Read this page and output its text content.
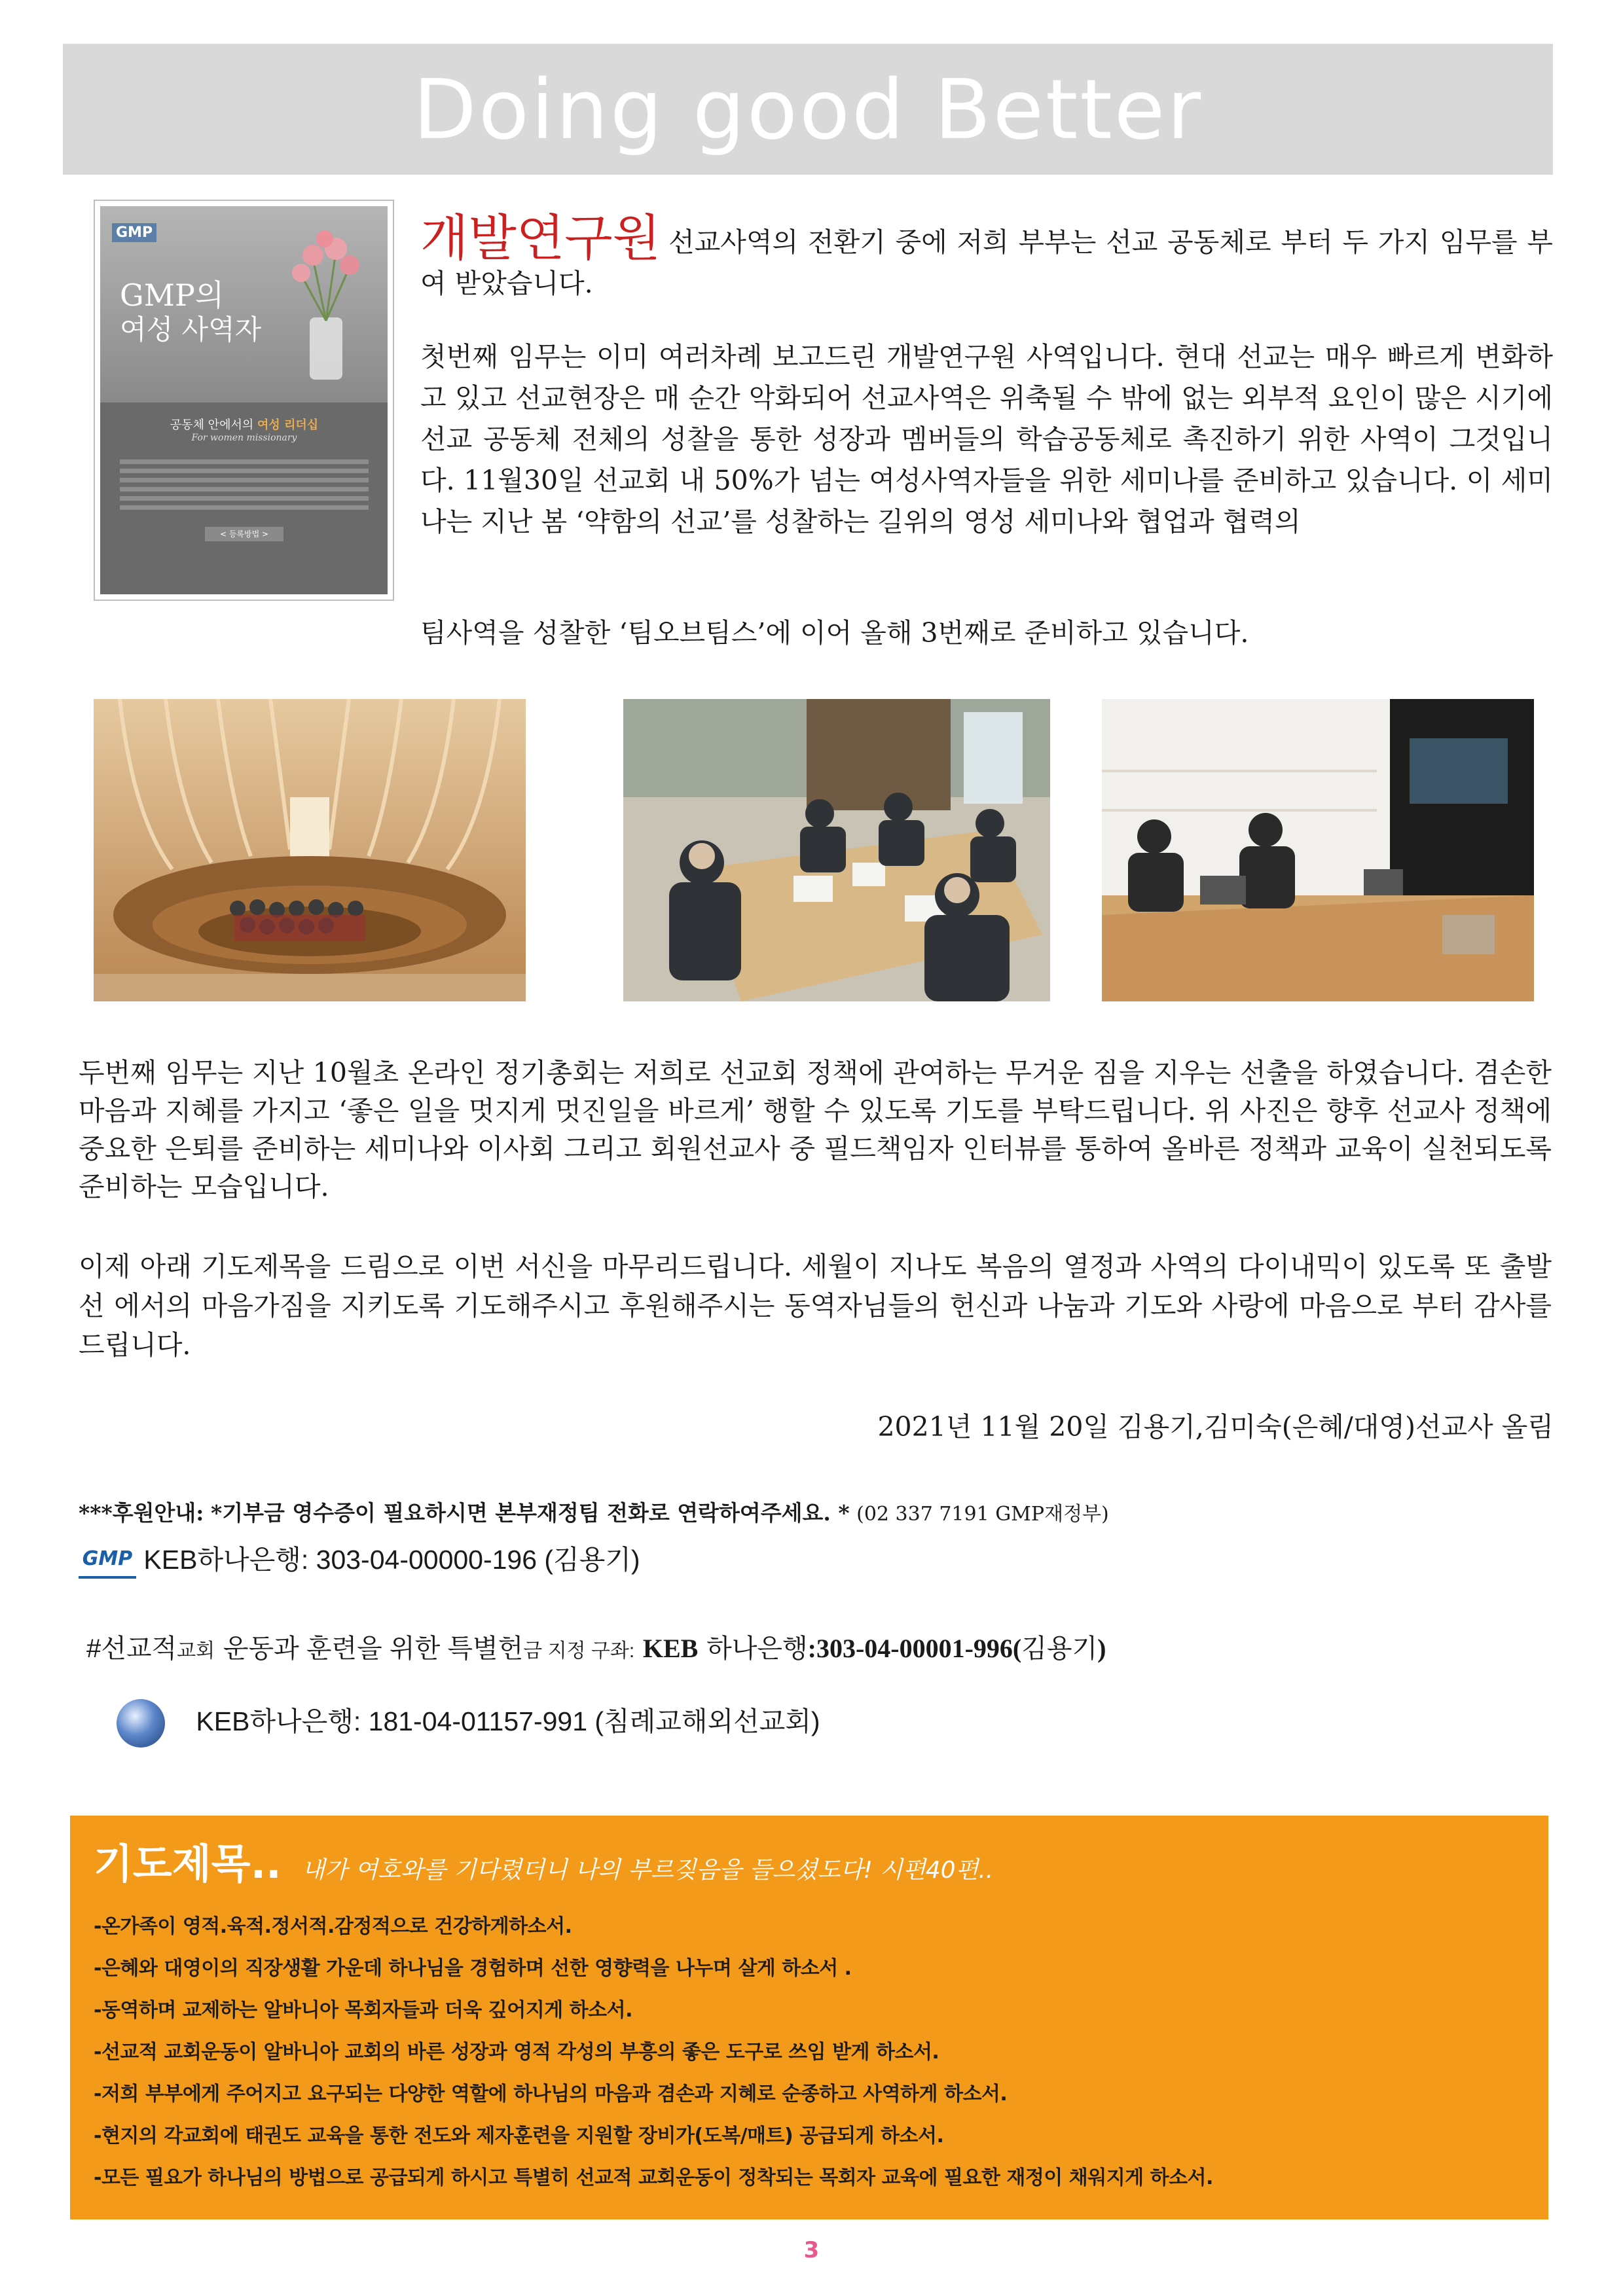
Doing good Better
GMP
GMP의
여성 사역자
공동체 안에서의 여성 리더십
For women missionary
< 등록방법 >
개발연구원 선교사역의 전환기 중에 저희 부부는 선교 공동체로 부터 두 가지 임무를 부여 받았습니다.
첫번째 임무는 이미 여러차례 보고드린 개발연구원 사역입니다. 현대 선교는 매우 빠르게 변화하고 있고 선교현장은 매 순간 악화되어 선교사역은 위축될 수 밖에 없는 외부적 요인이 많은 시기에 선교 공동체 전체의 성찰을 통한 성장과 멤버들의 학습공동체로 촉진하기 위한 사역이 그것입니다. 11월30일 선교회 내 50%가 넘는 여성사역자들을 위한 세미나를 준비하고 있습니다. 이 세미나는 지난 봄 ‘약함의 선교’를 성찰하는 길위의 영성 세미나와 협업과 협력의
팀사역을 성찰한 ‘팀오브팀스’에 이어 올해 3번째로 준비하고 있습니다.
두번째 임무는 지난 10월초 온라인 정기총회는 저희로 선교회 정책에 관여하는 무거운 짐을 지우는 선출을 하였습니다. 겸손한 마음과 지혜를 가지고 ‘좋은 일을 멋지게 멋진일을 바르게’ 행할 수 있도록 기도를 부탁드립니다. 위 사진은 향후 선교사 정책에 중요한 은퇴를 준비하는 세미나와 이사회 그리고 회원선교사 중 필드책임자 인터뷰를 통하여 올바른 정책과 교육이 실천되도록 준비하는 모습입니다.
이제 아래 기도제목을 드림으로 이번 서신을 마무리드립니다. 세월이 지나도 복음의 열정과 사역의 다이내믹이 있도록 또 출발 선 에서의 마음가짐을 지키도록 기도해주시고 후원해주시는 동역자님들의 헌신과 나눔과 기도와 사랑에 마음으로 부터 감사를 드립니다.
2021년 11월 20일 김용기,김미숙(은혜/대영)선교사 올림
***후원안내: *기부금 영수증이 필요하시면 본부재정팀 전화로 연락하여주세요. * (02 337 7191 GMP재정부)
GMP KEB하나은행: 303-04-00000-196 (김용기)
#선교적교회 운동과 훈련을 위한 특별헌금 지정 구좌: KEB 하나은행:303-04-00001-996(김용기)
KEB하나은행: 181-04-01157-991 (침례교해외선교회)
기도제목.. 내가 여호와를 기다렸더니 나의 부르짖음을 들으셨도다! 시편40편..
-온가족이 영적.육적.정서적.감정적으로 건강하게하소서.
-은혜와 대영이의 직장생활 가운데 하나님을 경험하며 선한 영향력을 나누며 살게 하소서 .
-동역하며 교제하는 알바니아 목회자들과 더욱 깊어지게 하소서.
-선교적 교회운동이 알바니아 교회의 바른 성장과 영적 각성의 부흥의 좋은 도구로 쓰임 받게 하소서.
-저희 부부에게 주어지고 요구되는 다양한 역할에 하나님의 마음과 겸손과 지혜로 순종하고 사역하게 하소서.
-현지의 각교회에 태권도 교육을 통한 전도와 제자훈련을 지원할 장비가(도복/매트) 공급되게 하소서.
-모든 필요가 하나님의 방법으로 공급되게 하시고 특별히 선교적 교회운동이 정착되는 목회자 교육에 필요한 재정이 채워지게 하소서.
3
